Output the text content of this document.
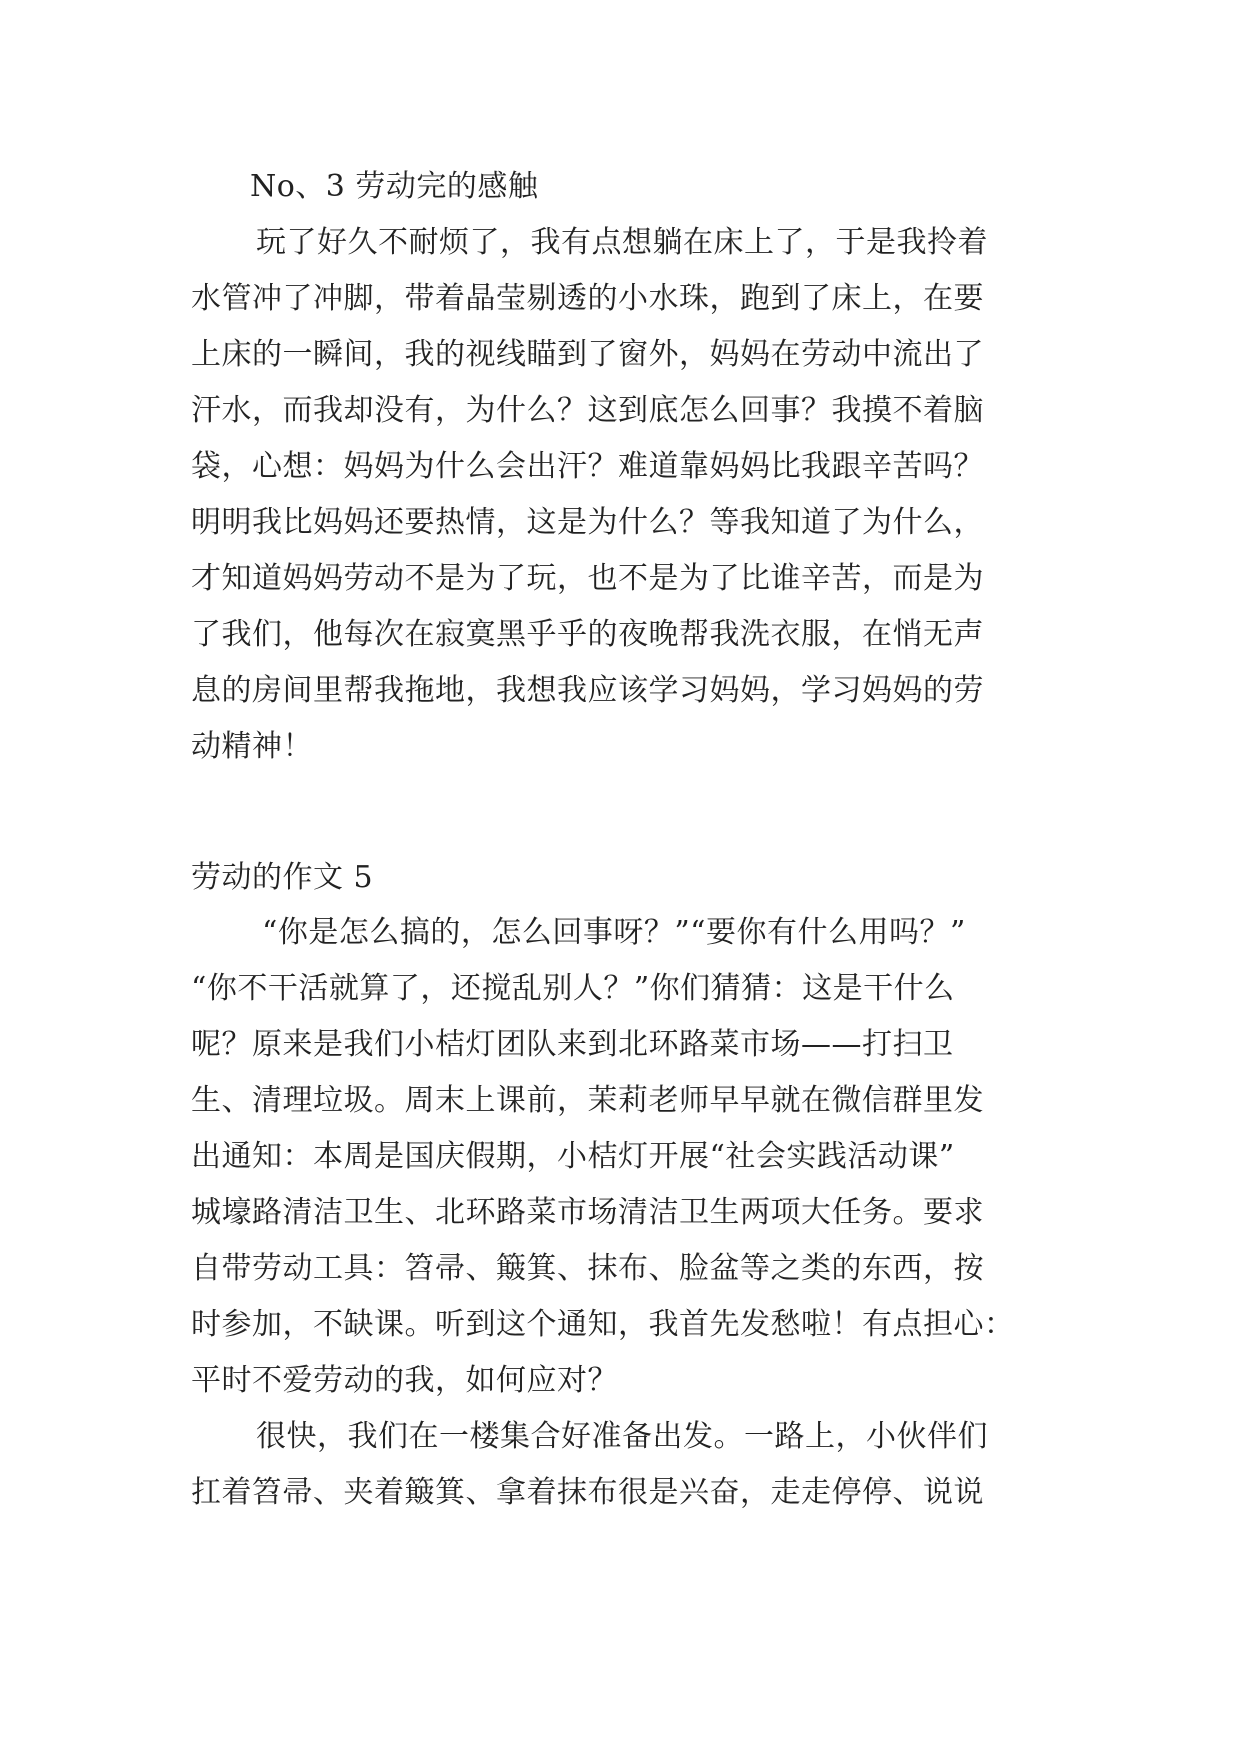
No、3 劳动完的感触
玩了好久不耐烦了，我有点想躺在床上了，于是我拎着
水管冲了冲脚，带着晶莹剔透的小水珠，跑到了床上，在要
上床的一瞬间，我的视线瞄到了窗外，妈妈在劳动中流出了
汗水，而我却没有，为什么？这到底怎么回事？我摸不着脑
袋，心想：妈妈为什么会出汗？难道靠妈妈比我跟辛苦吗？
明明我比妈妈还要热情，这是为什么？等我知道了为什么，
才知道妈妈劳动不是为了玩，也不是为了比谁辛苦，而是为
了我们，他每次在寂寞黑乎乎的夜晚帮我洗衣服，在悄无声
息的房间里帮我拖地，我想我应该学习妈妈，学习妈妈的劳
动精神！
劳动的作文 5
“你是怎么搞的，怎么回事呀？”“要你有什么用吗？”
“你不干活就算了，还搅乱别人？”你们猜猜：这是干什么
呢？原来是我们小桔灯团队来到北环路菜市场——打扫卫
生、清理垃圾。周末上课前，茉莉老师早早就在微信群里发
出通知：本周是国庆假期，小桔灯开展“社会实践活动课”
城壕路清洁卫生、北环路菜市场清洁卫生两项大任务。要求
自带劳动工具：笤帚、簸箕、抹布、脸盆等之类的东西，按
时参加，不缺课。听到这个通知，我首先发愁啦！有点担心：
平时不爱劳动的我，如何应对？
很快，我们在一楼集合好准备出发。一路上，小伙伴们
扛着笤帚、夹着簸箕、拿着抹布很是兴奋，走走停停、说说
